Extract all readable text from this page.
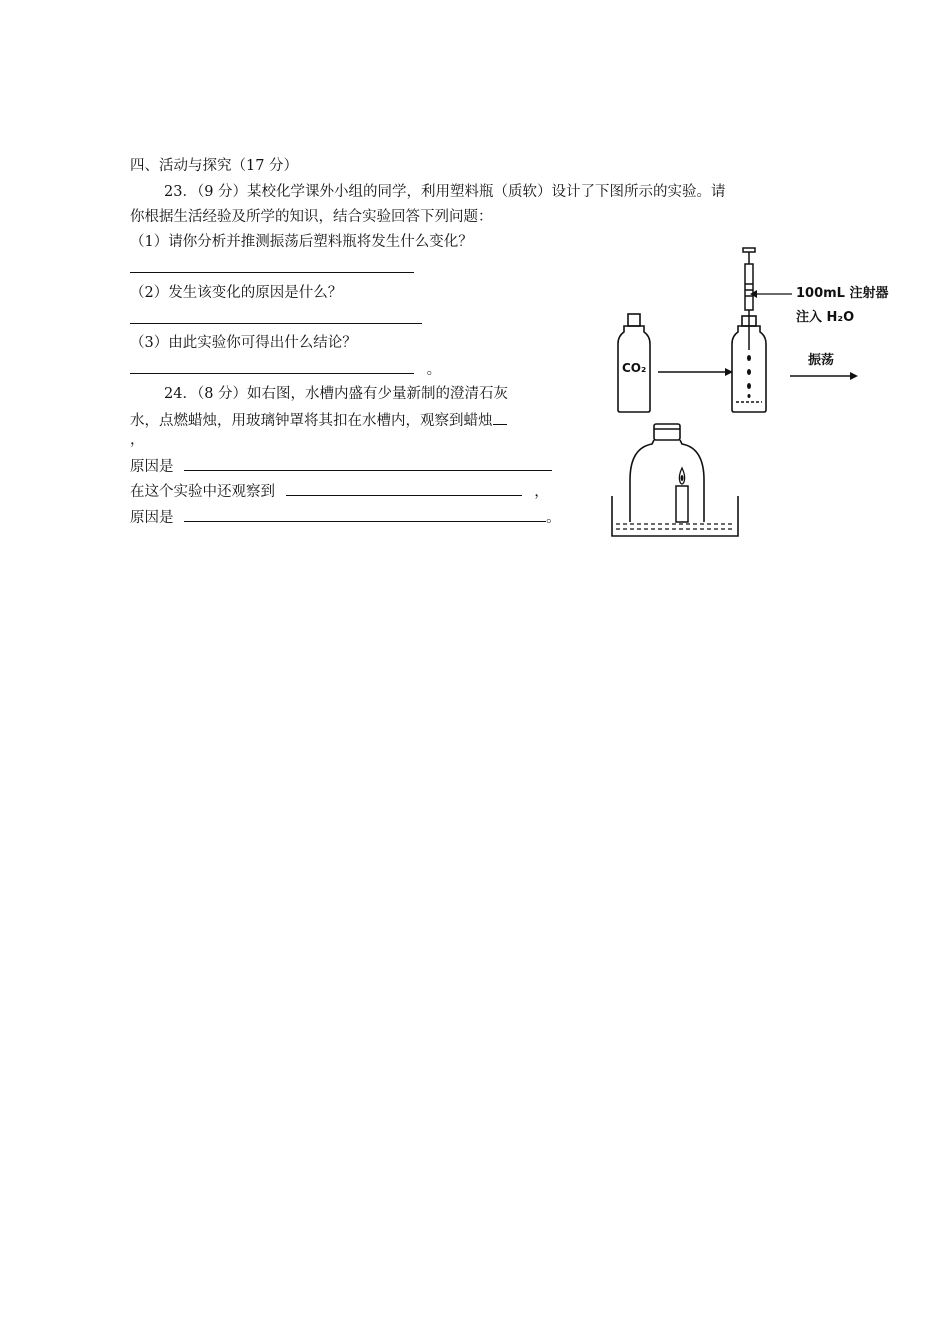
四、活动与探究（17 分）
23．（9 分）某校化学课外小组的同学，利用塑料瓶（质软）设计了下图所示的实验。请
你根据生活经验及所学的知识，结合实验回答下列问题：
（1）请你分析并推测振荡后塑料瓶将发生什么变化？
（2）发生该变化的原因是什么？
（3）由此实验你可得出什么结论？
。
24．（8 分）如右图，水槽内盛有少量新制的澄清石灰
水，点燃蜡烛，用玻璃钟罩将其扣在水槽内，观察到蜡烛
，
原因是
在这个实验中还观察到	，
原因是	。
CO₂
100mL 注射器
注入 H₂O
振荡
